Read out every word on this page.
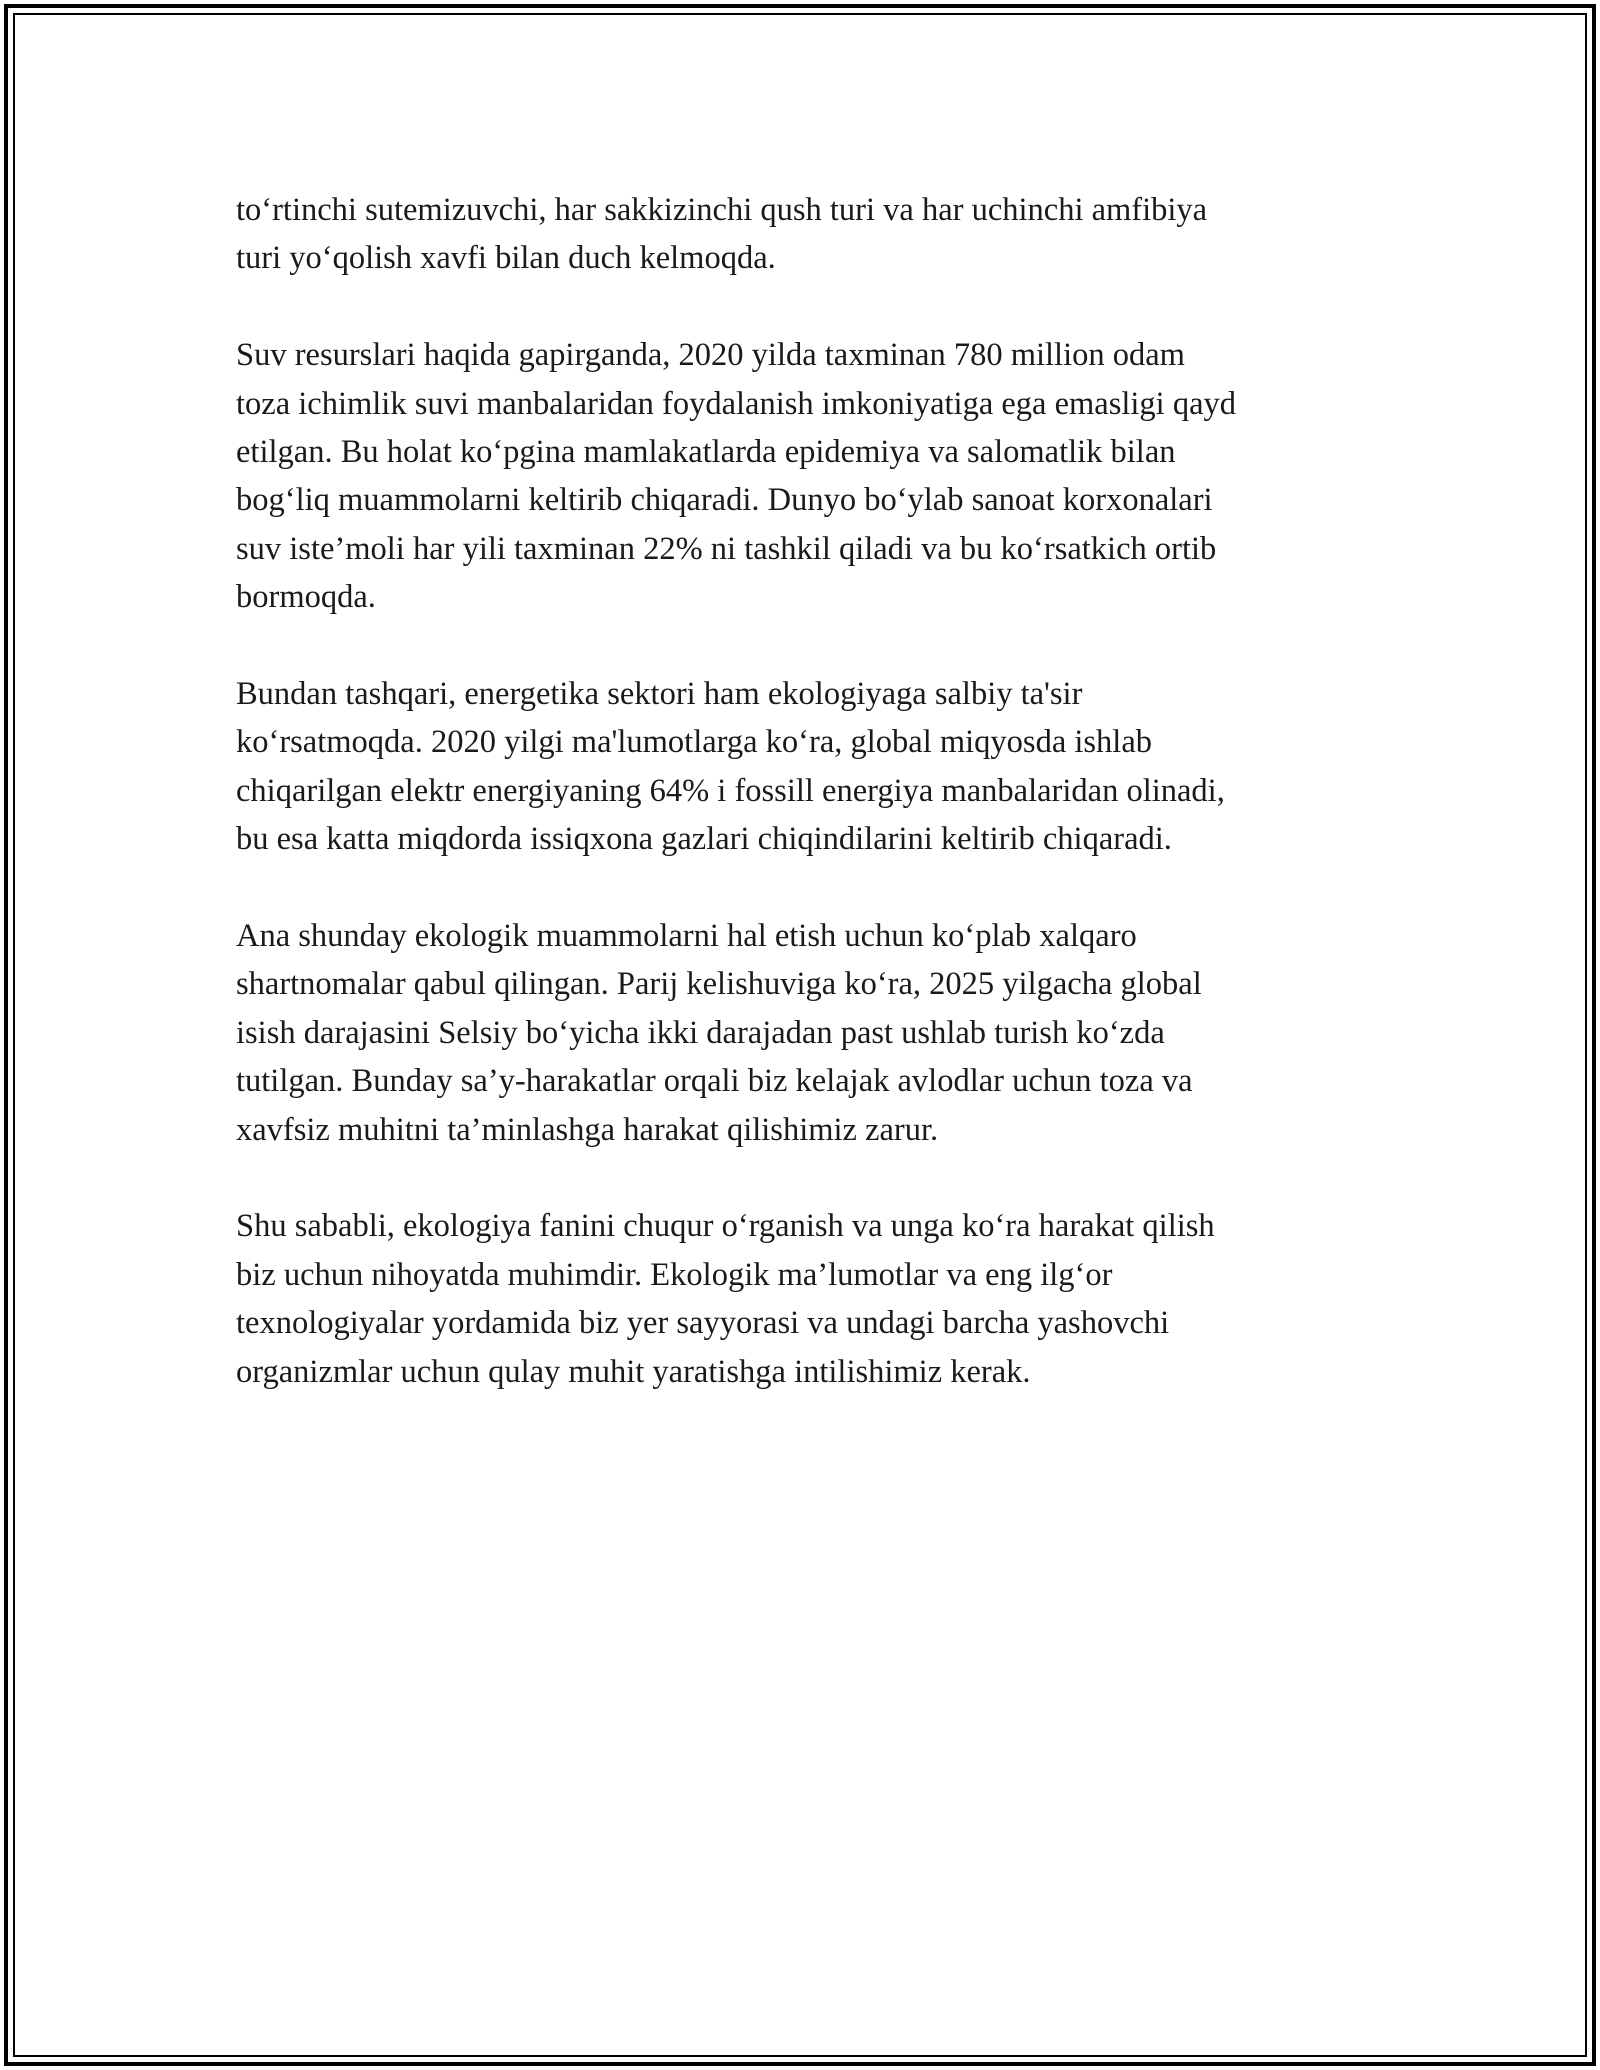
to‘rtinchi sutemizuvchi, har sakkizinchi qush turi va har uchinchi amfibiya
turi yo‘qolish xavfi bilan duch kelmoqda.

Suv resurslari haqida gapirganda, 2020 yilda taxminan 780 million odam
toza ichimlik suvi manbalaridan foydalanish imkoniyatiga ega emasligi qayd
etilgan. Bu holat ko‘pgina mamlakatlarda epidemiya va salomatlik bilan
bog‘liq muammolarni keltirib chiqaradi. Dunyo bo‘ylab sanoat korxonalari
suv iste’moli har yili taxminan 22% ni tashkil qiladi va bu ko‘rsatkich ortib
bormoqda.

Bundan tashqari, energetika sektori ham ekologiyaga salbiy ta'sir
ko‘rsatmoqda. 2020 yilgi ma'lumotlarga ko‘ra, global miqyosda ishlab
chiqarilgan elektr energiyaning 64% i fossill energiya manbalaridan olinadi,
bu esa katta miqdorda issiqxona gazlari chiqindilarini keltirib chiqaradi.

Ana shunday ekologik muammolarni hal etish uchun ko‘plab xalqaro
shartnomalar qabul qilingan. Parij kelishuviga ko‘ra, 2025 yilgacha global
isish darajasini Selsiy bo‘yicha ikki darajadan past ushlab turish ko‘zda
tutilgan. Bunday sa’y-harakatlar orqali biz kelajak avlodlar uchun toza va
xavfsiz muhitni ta’minlashga harakat qilishimiz zarur.

Shu sababli, ekologiya fanini chuqur o‘rganish va unga ko‘ra harakat qilish
biz uchun nihoyatda muhimdir. Ekologik ma’lumotlar va eng ilg‘or
texnologiyalar yordamida biz yer sayyorasi va undagi barcha yashovchi
organizmlar uchun qulay muhit yaratishga intilishimiz kerak.
